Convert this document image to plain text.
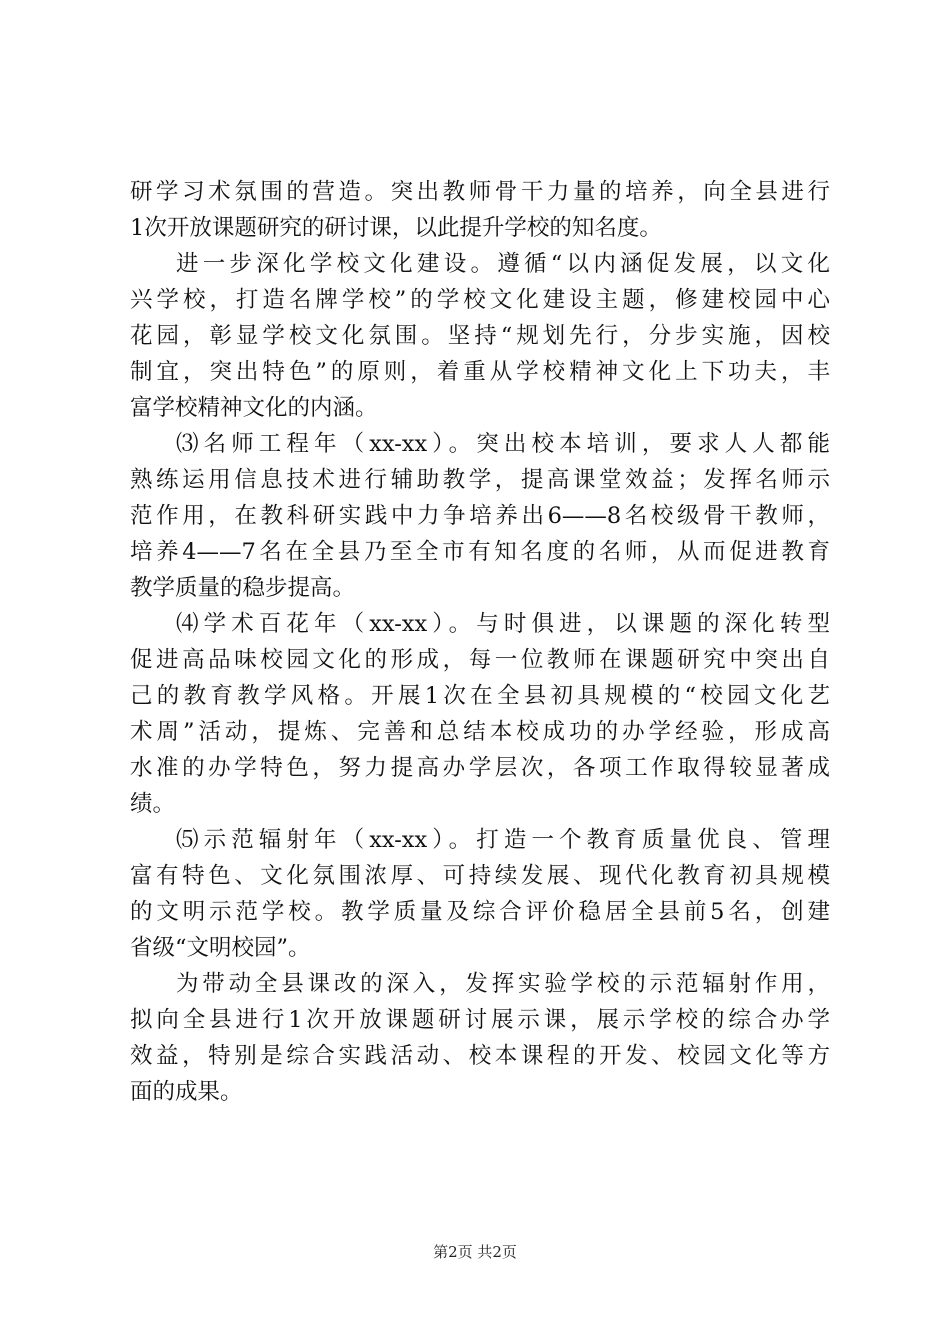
研学习术氛围的营造。突出教师骨干力量的培养，向全县进行
1次开放课题研究的研讨课，以此提升学校的知名度。
进一步深化学校文化建设。遵循“以内涵促发展，以文化
兴学校，打造名牌学校”的学校文化建设主题，修建校园中心
花园，彰显学校文化氛围。坚持“规划先行，分步实施，因校
制宜，突出特色”的原则，着重从学校精神文化上下功夫，丰
富学校精神文化的内涵。
⑶名师工程年（xx-xx）。突出校本培训，要求人人都能
熟练运用信息技术进行辅助教学，提高课堂效益；发挥名师示
范作用，在教科研实践中力争培养出6——8名校级骨干教师，
培养4——7名在全县乃至全市有知名度的名师，从而促进教育
教学质量的稳步提高。
⑷学术百花年（xx-xx）。与时俱进，以课题的深化转型
促进高品味校园文化的形成，每一位教师在课题研究中突出自
己的教育教学风格。开展1次在全县初具规模的“校园文化艺
术周”活动，提炼、完善和总结本校成功的办学经验，形成高
水准的办学特色，努力提高办学层次，各项工作取得较显著成
绩。
⑸示范辐射年（xx-xx）。打造一个教育质量优良、管理
富有特色、文化氛围浓厚、可持续发展、现代化教育初具规模
的文明示范学校。教学质量及综合评价稳居全县前5名，创建
省级“文明校园”。
为带动全县课改的深入，发挥实验学校的示范辐射作用，
拟向全县进行1次开放课题研讨展示课，展示学校的综合办学
效益，特别是综合实践活动、校本课程的开发、校园文化等方
面的成果。
第2页 共2页
